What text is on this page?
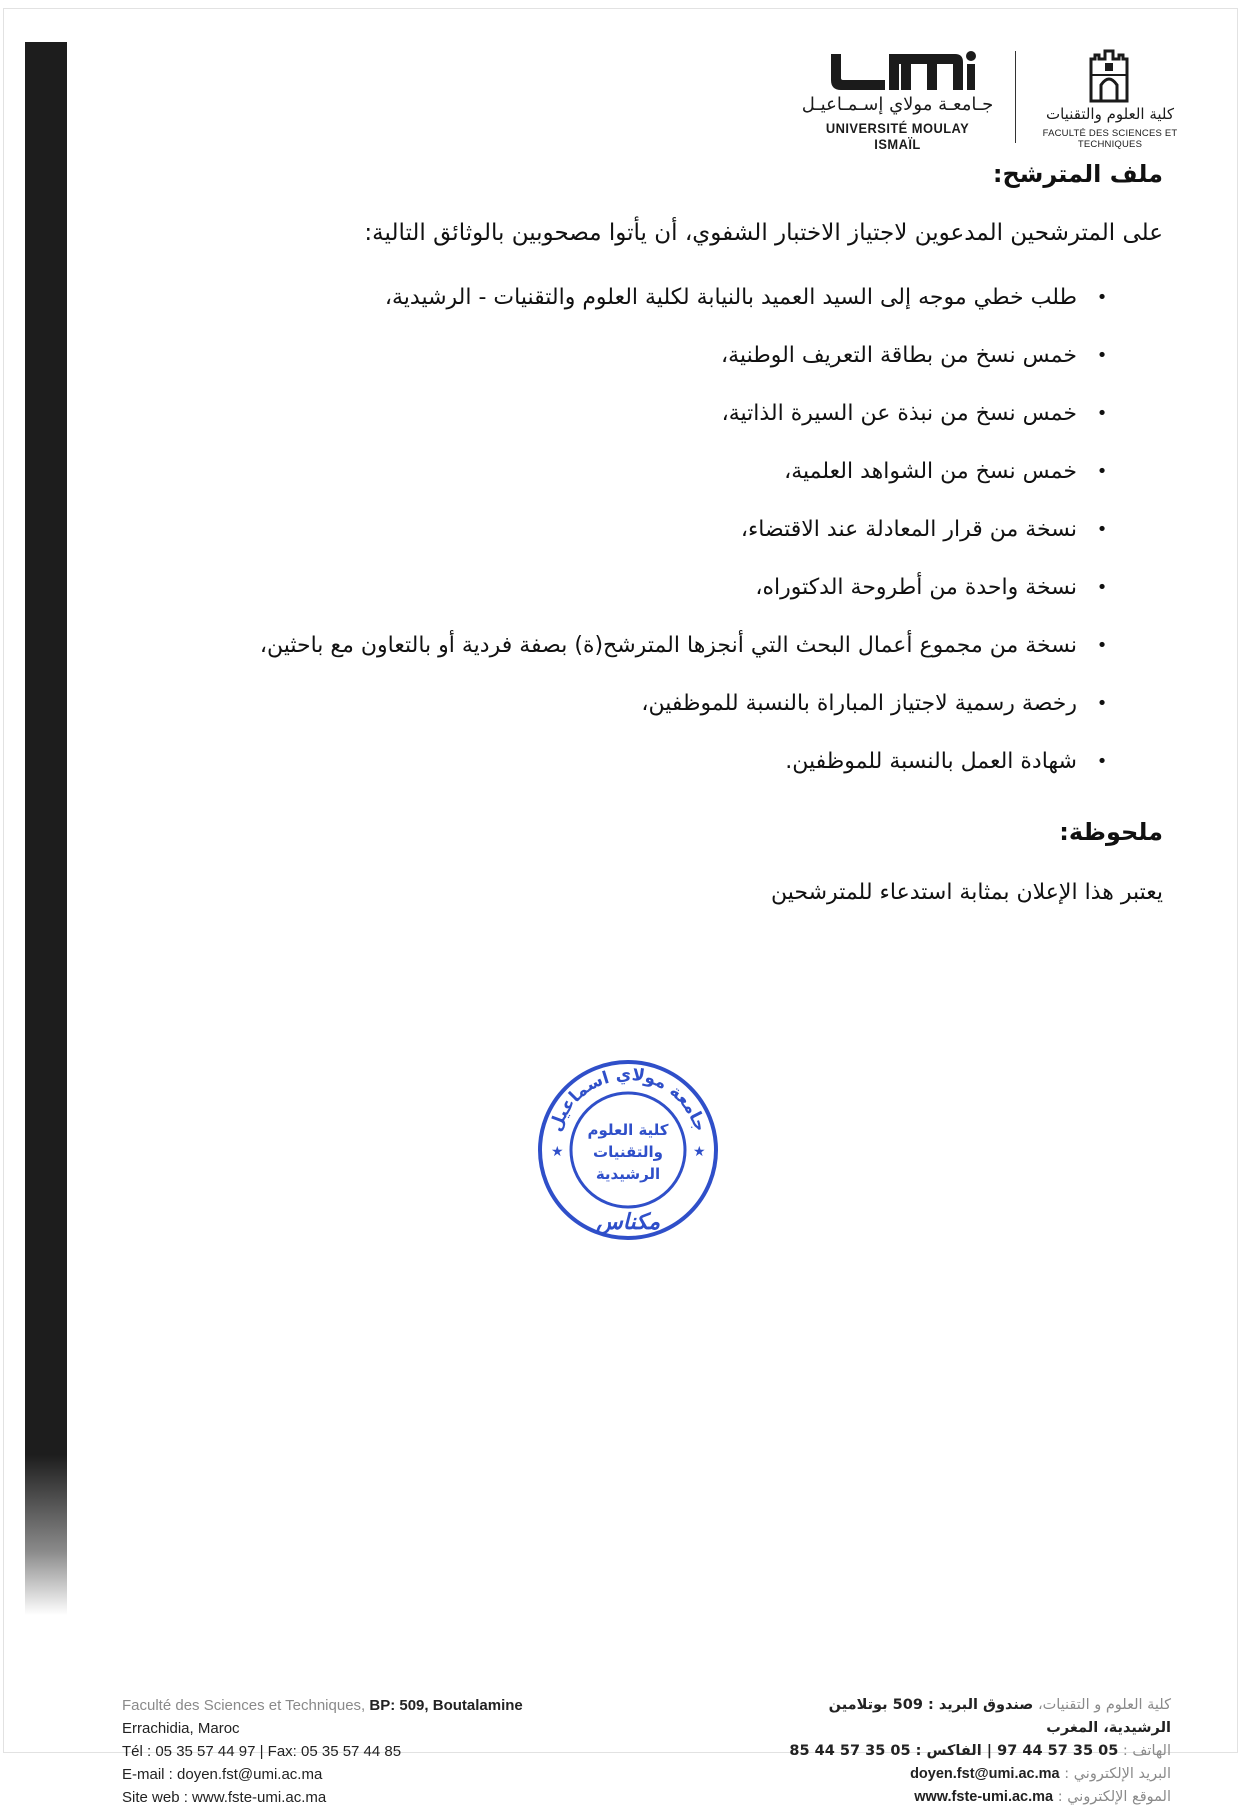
جـامعـة مولاي إسـمـاعيـل
UNIVERSITÉ MOULAY ISMAÏL
كلية العلوم والتقنيات
FACULTÉ DES SCIENCES ET TECHNIQUES
ملف المترشح:
على المترشحين المدعوين لاجتياز الاختبار الشفوي، أن يأتوا مصحوبين بالوثائق التالية:
•
طلب خطي موجه إلى السيد العميد بالنيابة لكلية العلوم والتقنيات - الرشيدية،
•
خمس نسخ من بطاقة التعريف الوطنية،
•
خمس نسخ من نبذة عن السيرة الذاتية،
•
خمس نسخ من الشواهد العلمية،
•
نسخة من قرار المعادلة عند الاقتضاء،
•
نسخة واحدة من أطروحة الدكتوراه،
•
نسخة من مجموع أعمال البحث التي أنجزها المترشح(ة) بصفة فردية أو بالتعاون مع باحثين،
•
رخصة رسمية لاجتياز المباراة بالنسبة للموظفين،
•
شهادة العمل بالنسبة للموظفين.
ملحوظة:
يعتبر هذا الإعلان بمثابة استدعاء للمترشحين
جامعة مولاي اسماعيل
★	★
كلية العلوم
والتقنيات
الرشيدية
مكناس
Faculté des Sciences et Techniques, BP: 509, Boutalamine
Errachidia, Maroc
Tél : 05 35 57 44 97 | Fax: 05 35 57 44 85
E-mail : doyen.fst@umi.ac.ma
Site web : www.fste-umi.ac.ma
كلية العلوم و التقنيات، صندوق البريد : 509 بوتلامين
الرشيدية، المغرب
الهاتف : 05 35 57 44 97 | الفاكس : 05 35 57 44 85
البريد الإلكتروني : doyen.fst@umi.ac.ma
الموقع الإلكتروني : www.fste-umi.ac.ma
